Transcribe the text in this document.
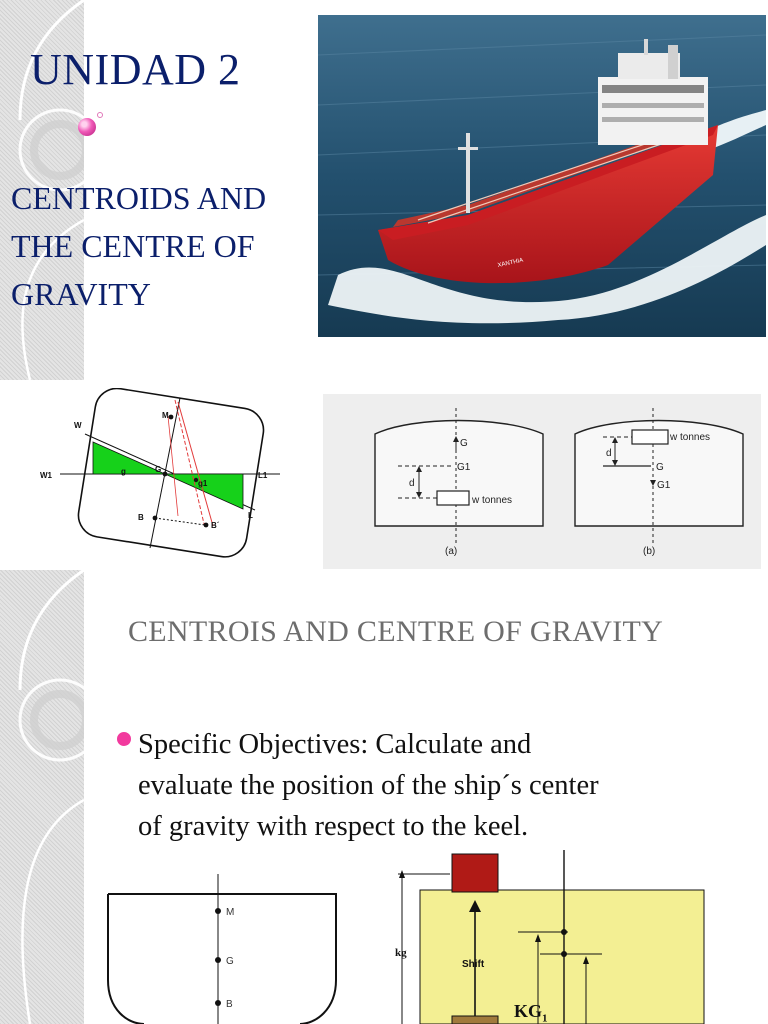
UNIDAD 2
CENTROIDS AND
THE CENTRE OF
GRAVITY
XANTHIA
W
W1	L1
L
M
G
g
g1
B
B´
G
G1
d
w tonnes
(a)
w tonnes
d
G
G1
(b)
CENTROIS AND CENTRE OF GRAVITY
Specific Objectives: Calculate and
evaluate the position of the ship´s center
of gravity with respect to the keel.
M
G
B
kg
Shift
$KG_1$
